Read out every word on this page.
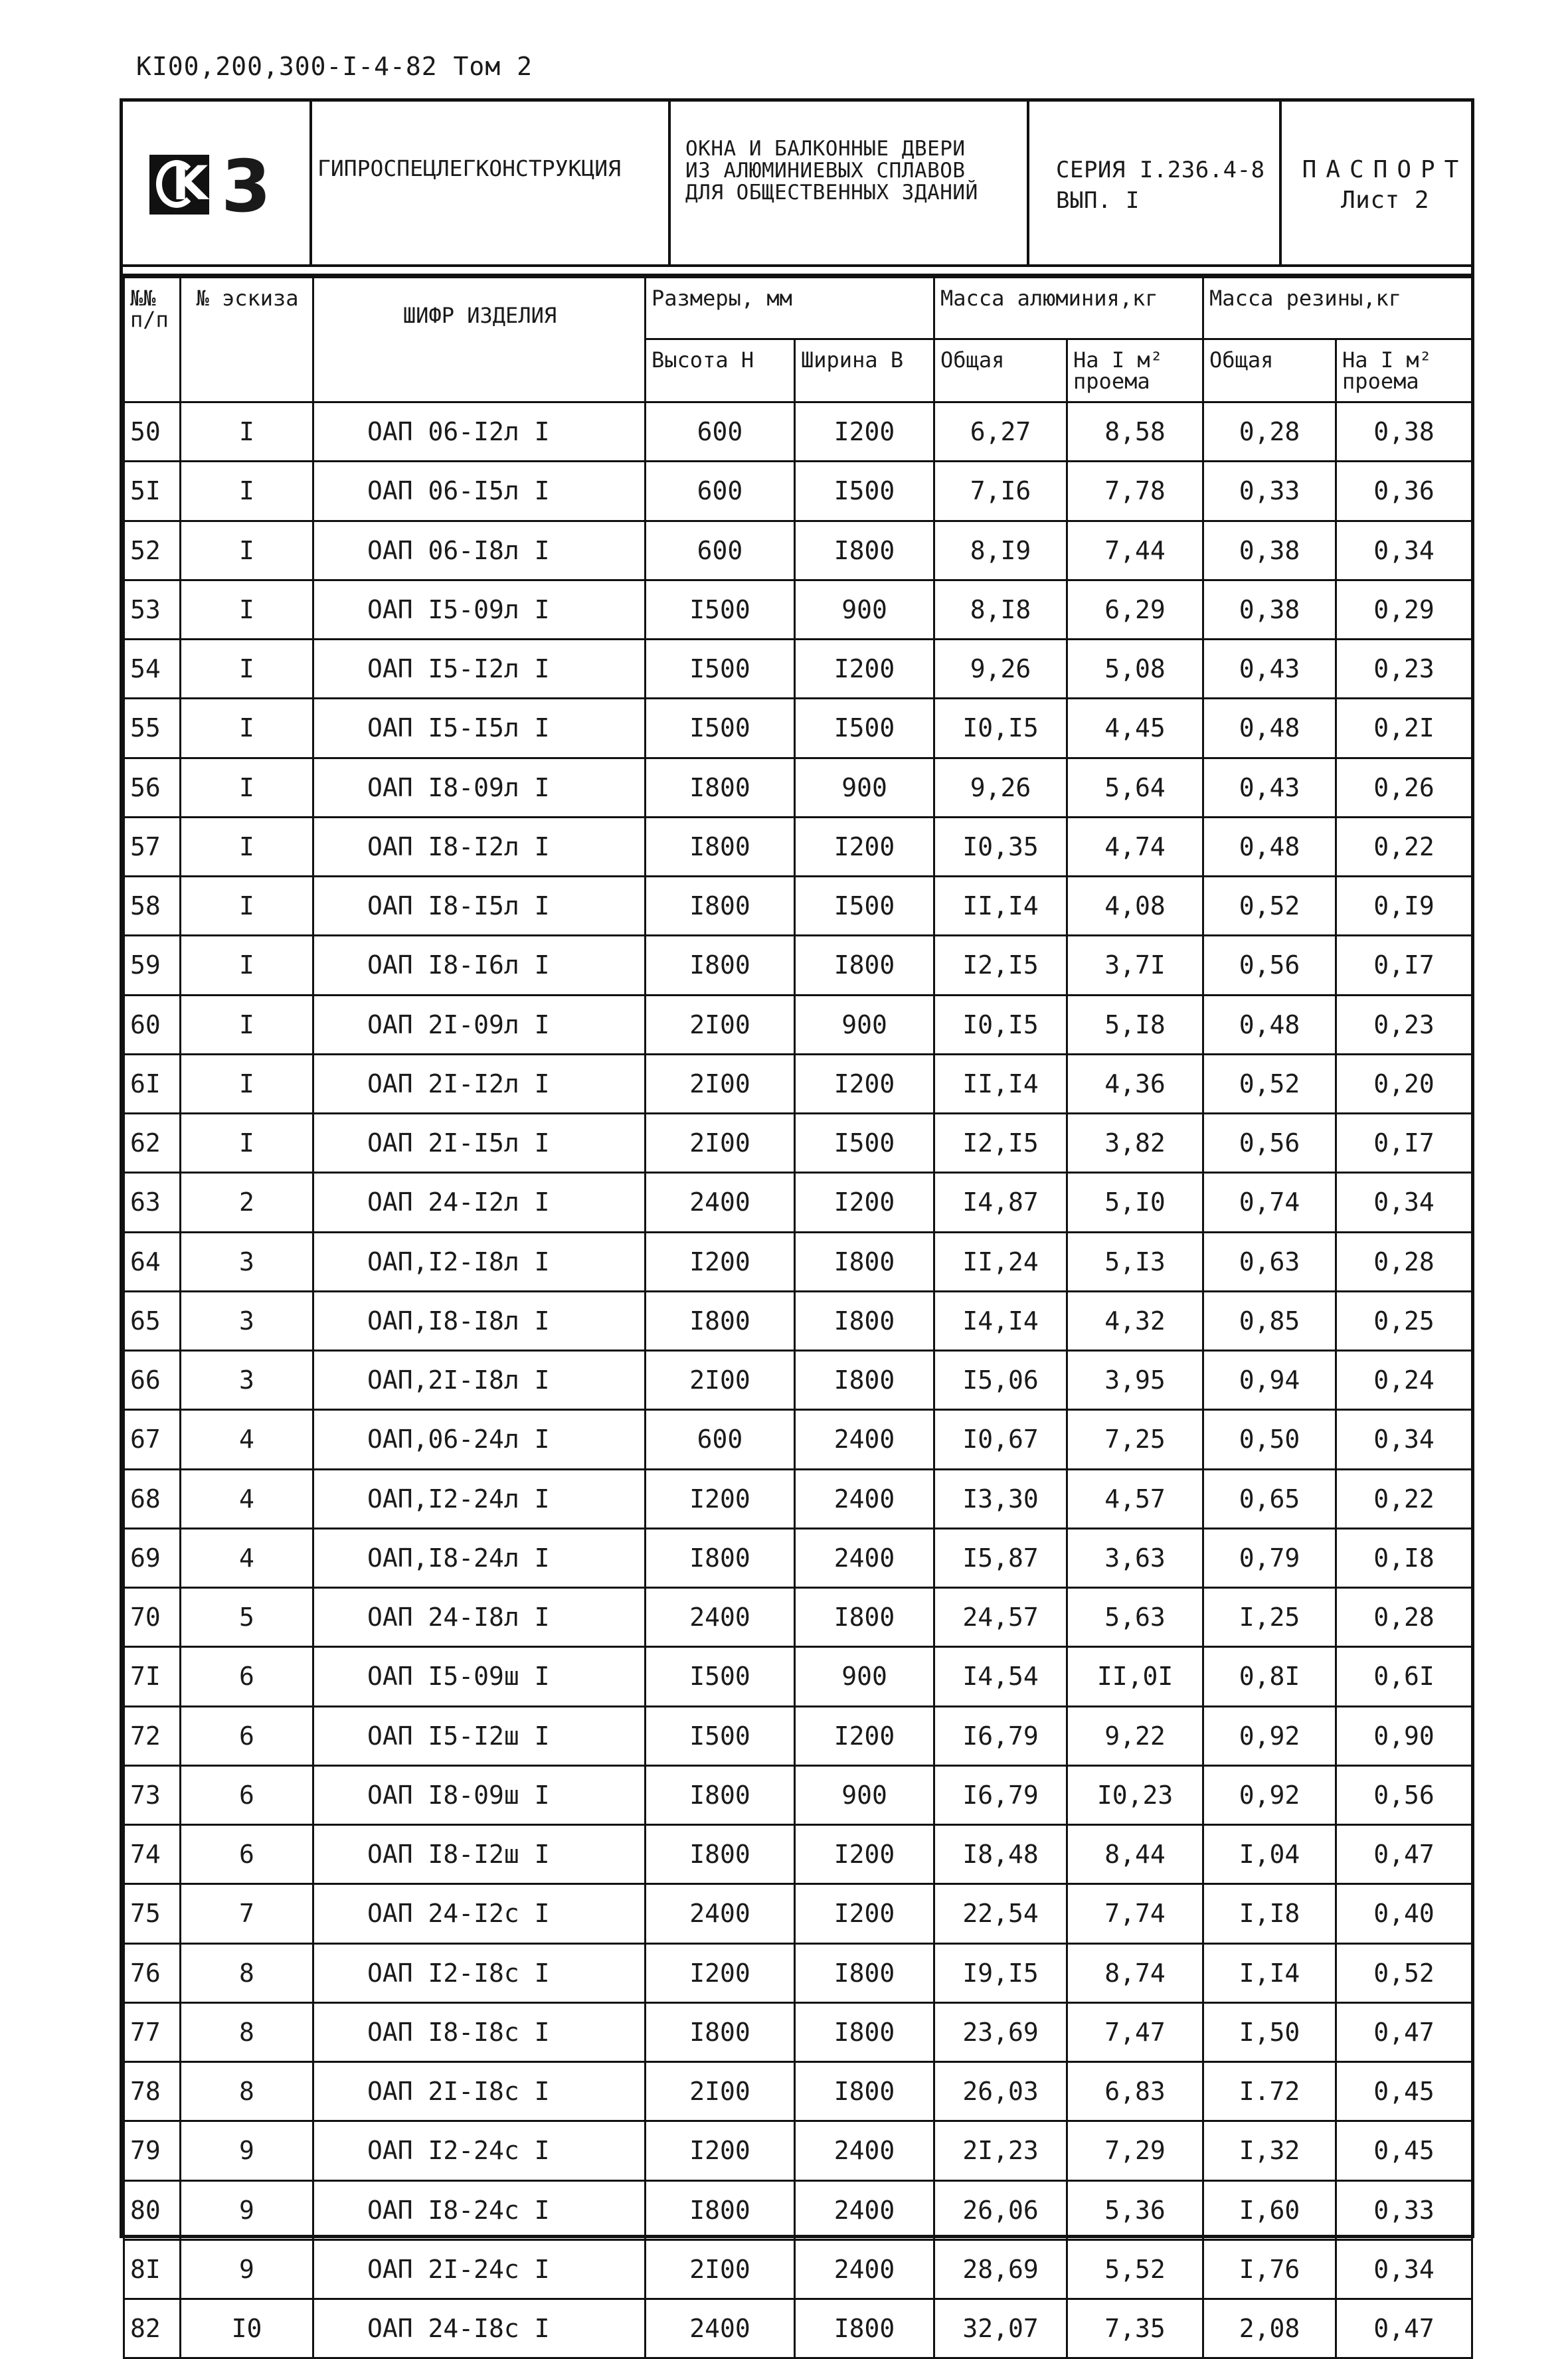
КI00,200,300-I-4-82 Том 2
K 3 ГИПРОСПЕЦЛЕГКОНСТРУКЦИЯ
ОКНА И БАЛКОННЫЕ ДВЕРИ
ИЗ АЛЮМИНИЕВЫХ СПЛАВОВ
ДЛЯ ОБЩЕСТВЕННЫХ ЗДАНИЙ
СЕРИЯ I.236.4-8
ВЫП. I
ПАСПОРТ
Лист 2
№№ п/п	№ эскиза	ШИФР ИЗДЕЛИЯ	Размеры, мм		Масса алюминия,кг		Масса резины,кг	

			Высота H	Ширина B	Общая	На I м² проема	Общая	На I м² проема

50	I	ОАП 06-I2л I	600	I200	6,27	8,58	0,28	0,38
5I	I	ОАП 06-I5л I	600	I500	7,I6	7,78	0,33	0,36
52	I	ОАП 06-I8л I	600	I800	8,I9	7,44	0,38	0,34
53	I	ОАП I5-09л I	I500	900	8,I8	6,29	0,38	0,29
54	I	ОАП I5-I2л I	I500	I200	9,26	5,08	0,43	0,23
55	I	ОАП I5-I5л I	I500	I500	I0,I5	4,45	0,48	0,2I
56	I	ОАП I8-09л I	I800	900	9,26	5,64	0,43	0,26
57	I	ОАП I8-I2л I	I800	I200	I0,35	4,74	0,48	0,22
58	I	ОАП I8-I5л I	I800	I500	II,I4	4,08	0,52	0,I9
59	I	ОАП I8-I6л I	I800	I800	I2,I5	3,7I	0,56	0,I7
60	I	ОАП 2I-09л I	2I00	900	I0,I5	5,I8	0,48	0,23
6I	I	ОАП 2I-I2л I	2I00	I200	II,I4	4,36	0,52	0,20
62	I	ОАП 2I-I5л I	2I00	I500	I2,I5	3,82	0,56	0,I7
63	2	ОАП 24-I2л I	2400	I200	I4,87	5,I0	0,74	0,34
64	3	ОАП,I2-I8л I	I200	I800	II,24	5,I3	0,63	0,28
65	3	ОАП,I8-I8л I	I800	I800	I4,I4	4,32	0,85	0,25
66	3	ОАП,2I-I8л I	2I00	I800	I5,06	3,95	0,94	0,24
67	4	ОАП,06-24л I	600	2400	I0,67	7,25	0,50	0,34
68	4	ОАП,I2-24л I	I200	2400	I3,30	4,57	0,65	0,22
69	4	ОАП,I8-24л I	I800	2400	I5,87	3,63	0,79	0,I8
70	5	ОАП 24-I8л I	2400	I800	24,57	5,63	I,25	0,28
7I	6	ОАП I5-09ш I	I500	900	I4,54	II,0I	0,8I	0,6I
72	6	ОАП I5-I2ш I	I500	I200	I6,79	9,22	0,92	0,90
73	6	ОАП I8-09ш I	I800	900	I6,79	I0,23	0,92	0,56
74	6	ОАП I8-I2ш I	I800	I200	I8,48	8,44	I,04	0,47
75	7	ОАП 24-I2с I	2400	I200	22,54	7,74	I,I8	0,40
76	8	ОАП I2-I8с I	I200	I800	I9,I5	8,74	I,I4	0,52
77	8	ОАП I8-I8с I	I800	I800	23,69	7,47	I,50	0,47
78	8	ОАП 2I-I8с I	2I00	I800	26,03	6,83	I.72	0,45
79	9	ОАП I2-24с I	I200	2400	2I,23	7,29	I,32	0,45
80	9	ОАП I8-24с I	I800	2400	26,06	5,36	I,60	0,33
8I	9	ОАП 2I-24с I	2I00	2400	28,69	5,52	I,76	0,34
82	I0	ОАП 24-I8с I	2400	I800	32,07	7,35	2,08	0,47
